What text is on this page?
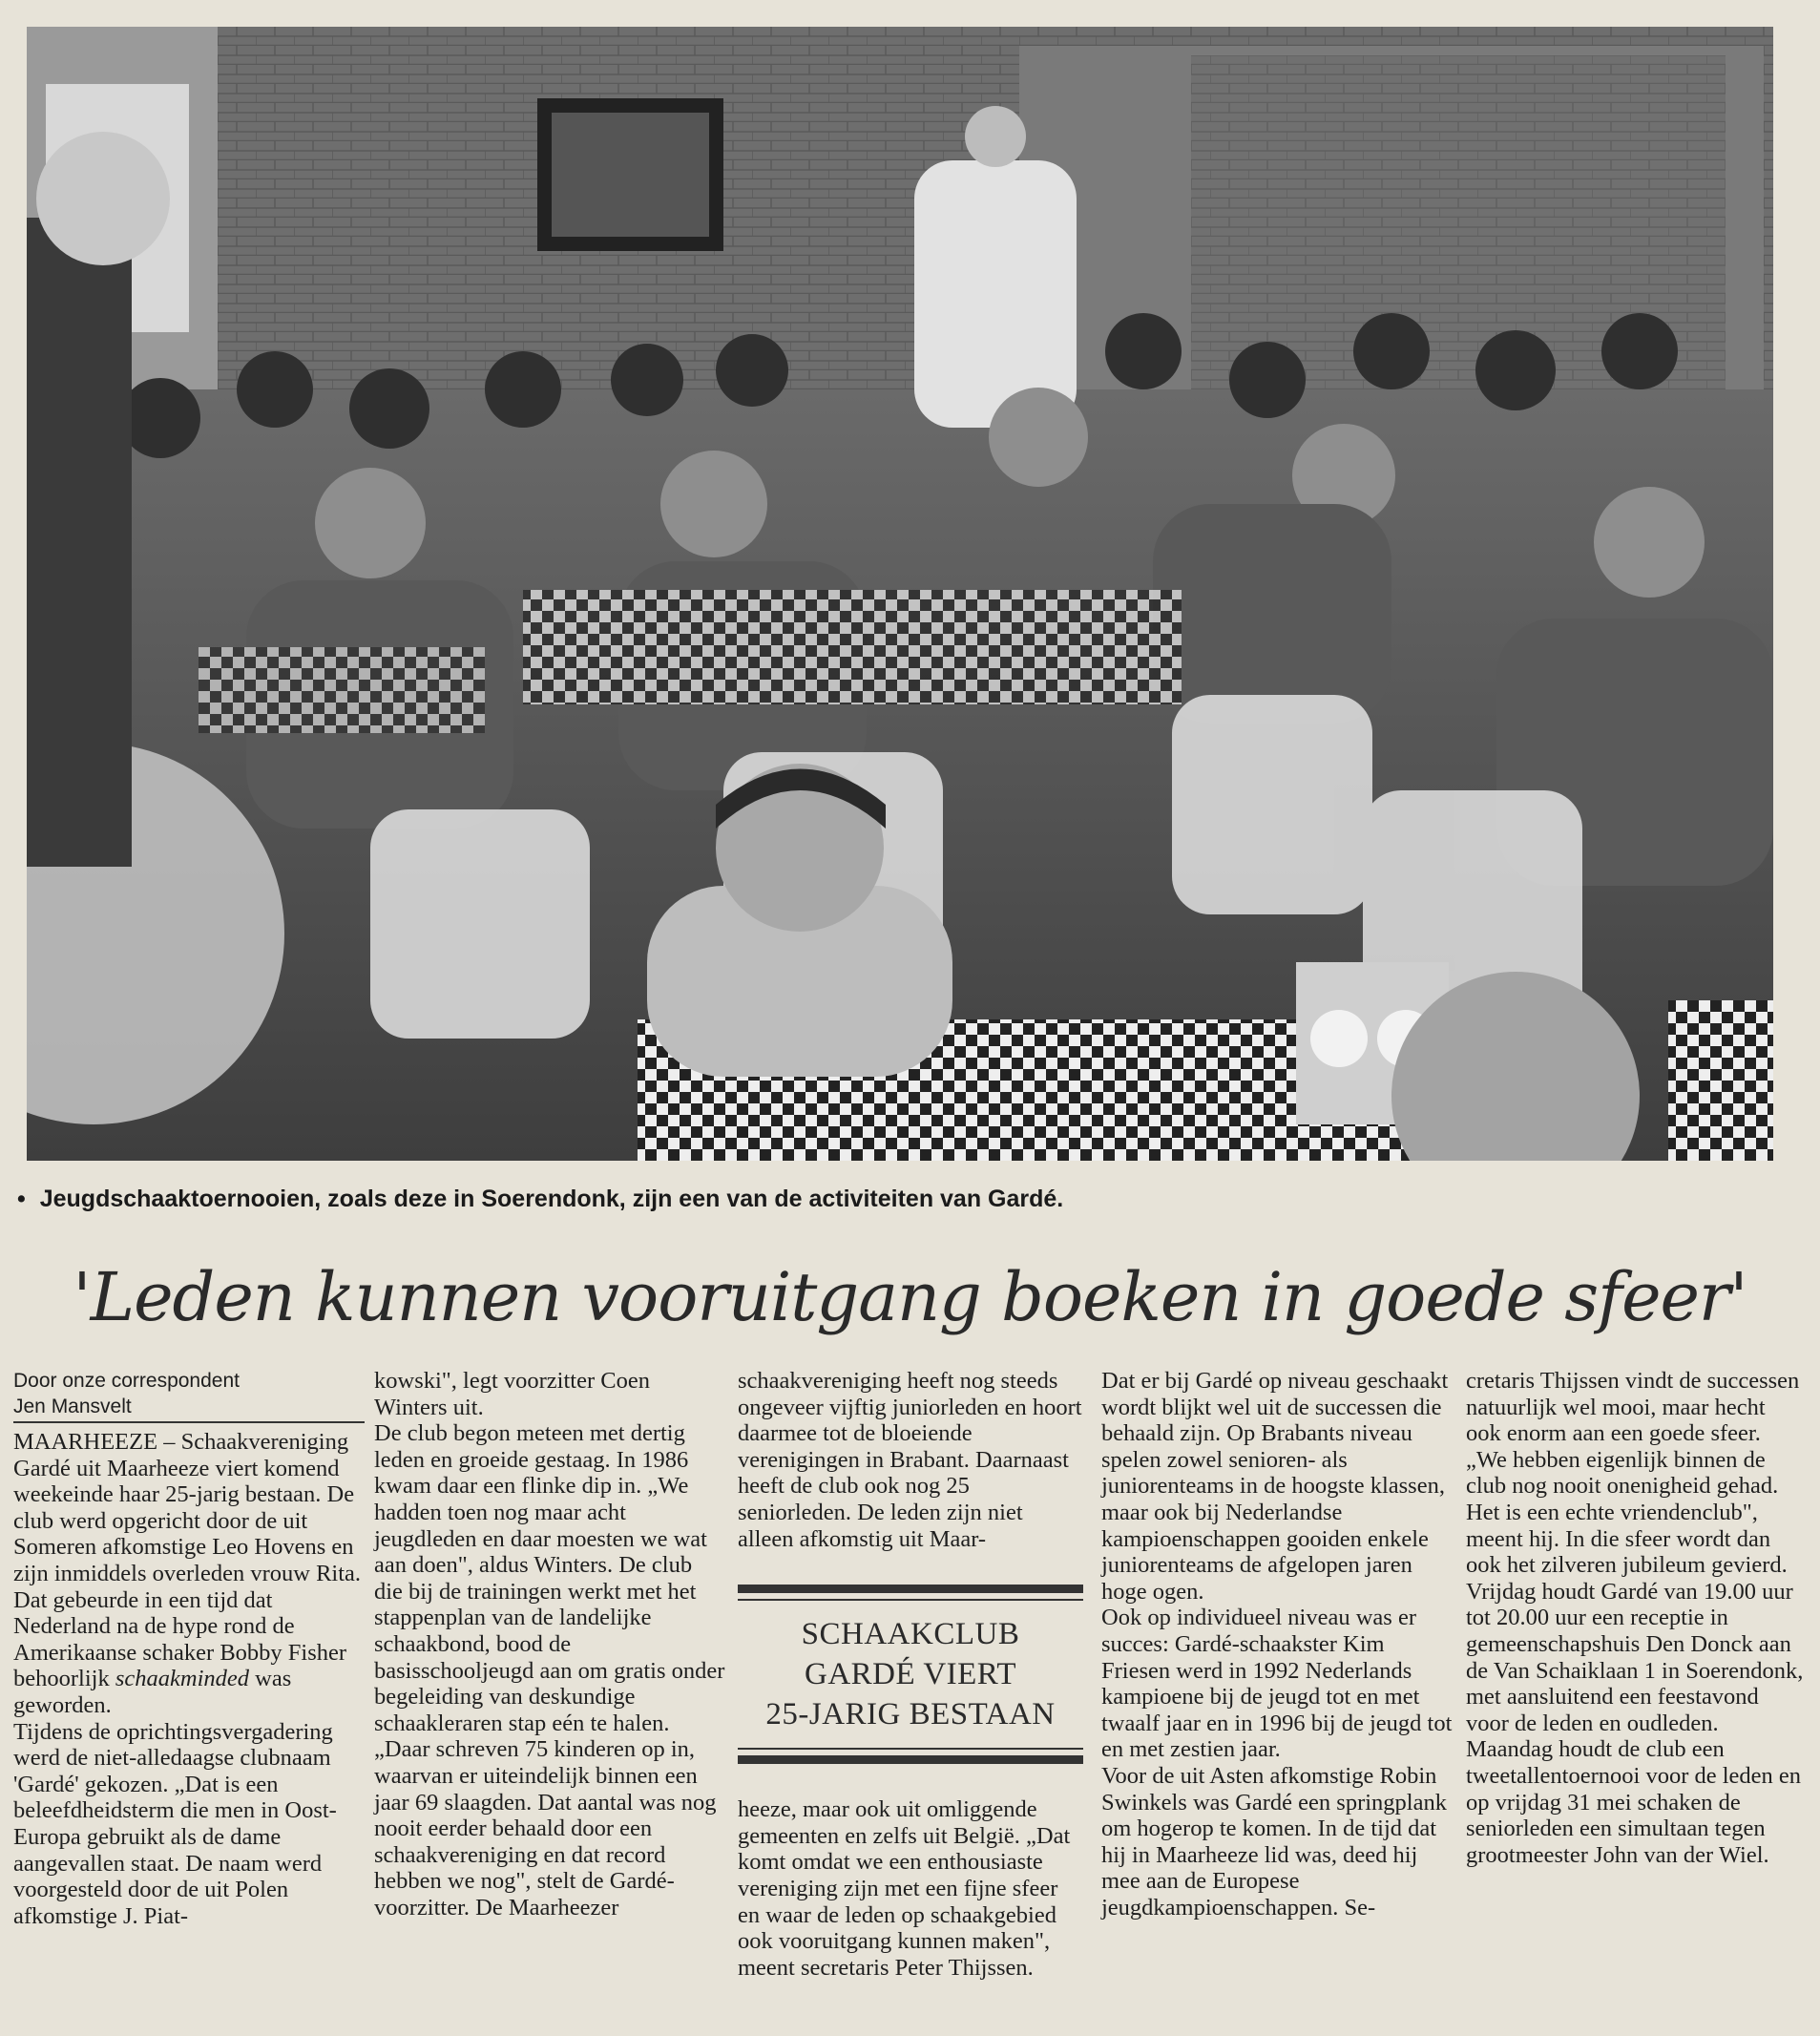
• Jeugdschaaktoernooien, zoals deze in Soerendonk, zijn een van de activiteiten van Gardé.
'Leden kunnen vooruitgang boeken in goede sfeer'
Door onze correspondent
Jen Mansvelt

MAARHEEZE – Schaakvereniging Gardé uit Maarheeze viert komend weekeinde haar 25-jarig bestaan. De club werd opgericht door de uit Someren afkomstige Leo Hovens en zijn inmiddels overleden vrouw Rita. Dat gebeurde in een tijd dat Nederland na de hype rond de Amerikaanse schaker Bobby Fisher behoorlijk schaakminded was geworden.

Tijdens de oprichtingsvergadering werd de niet-alledaagse clubnaam 'Gardé' gekozen. „Dat is een beleefdheidsterm die men in Oost-Europa gebruikt als de dame aangevallen staat. De naam werd voorgesteld door de uit Polen afkomstige J. Piat-

kowski", legt voorzitter Coen Winters uit.

De club begon meteen met dertig leden en groeide gestaag. In 1986 kwam daar een flinke dip in. „We hadden toen nog maar acht jeugdleden en daar moesten we wat aan doen", aldus Winters. De club die bij de trainingen werkt met het stappenplan van de landelijke schaakbond, bood de basisschooljeugd aan om gratis onder begeleiding van deskundige schaakleraren stap eén te halen. „Daar schreven 75 kinderen op in, waarvan er uiteindelijk binnen een jaar 69 slaagden. Dat aantal was nog nooit eerder behaald door een schaakvereniging en dat record hebben we nog", stelt de Gardé-voorzitter. De Maarheezer

schaakvereniging heeft nog steeds ongeveer vijftig juniorleden en hoort daarmee tot de bloeiende verenigingen in Brabant. Daarnaast heeft de club ook nog 25 seniorleden. De leden zijn niet alleen afkomstig uit Maar-

SCHAAKCLUB
GARDÉ VIERT
25-JARIG BESTAAN

heeze, maar ook uit omliggende gemeenten en zelfs uit België. „Dat komt omdat we een enthousiaste vereniging zijn met een fijne sfeer en waar de leden op schaakgebied ook vooruitgang kunnen maken", meent secretaris Peter Thijssen.

Dat er bij Gardé op niveau geschaakt wordt blijkt wel uit de successen die behaald zijn. Op Brabants niveau spelen zowel senioren- als juniorenteams in de hoogste klassen, maar ook bij Nederlandse kampioenschappen gooiden enkele juniorenteams de afgelopen jaren hoge ogen.

Ook op individueel niveau was er succes: Gardé-schaakster Kim Friesen werd in 1992 Nederlands kampioene bij de jeugd tot en met twaalf jaar en in 1996 bij de jeugd tot en met zestien jaar.

Voor de uit Asten afkomstige Robin Swinkels was Gardé een springplank om hogerop te komen. In de tijd dat hij in Maarheeze lid was, deed hij mee aan de Europese jeugdkampioenschappen. Se-

cretaris Thijssen vindt de successen natuurlijk wel mooi, maar hecht ook enorm aan een goede sfeer. „We hebben eigenlijk binnen de club nog nooit onenigheid gehad. Het is een echte vriendenclub", meent hij. In die sfeer wordt dan ook het zilveren jubileum gevierd.

Vrijdag houdt Gardé van 19.00 uur tot 20.00 uur een receptie in gemeenschapshuis Den Donck aan de Van Schaiklaan 1 in Soerendonk, met aansluitend een feestavond voor de leden en oudleden. Maandag houdt de club een tweetallentoernooi voor de leden en op vrijdag 31 mei schaken de seniorleden een simultaan tegen grootmeester John van der Wiel.
